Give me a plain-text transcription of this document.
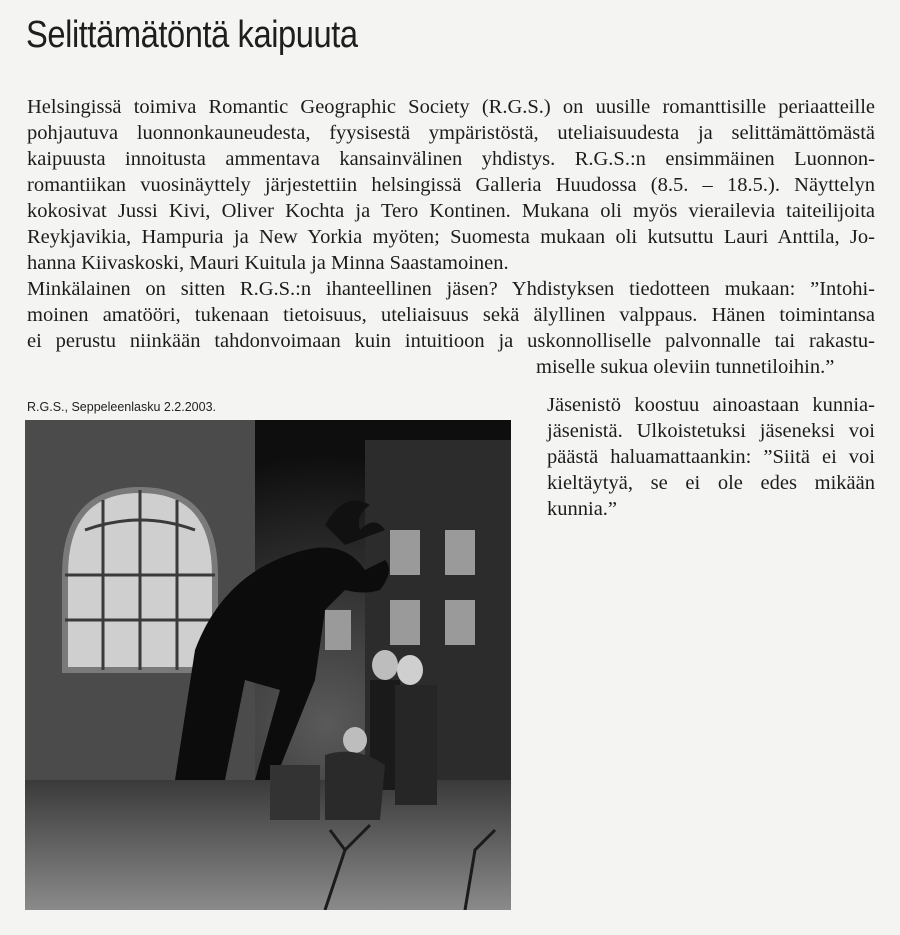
Selittämätöntä kaipuuta
Helsingissä toimiva Romantic Geographic Society (R.G.S.) on uusille romanttisille periaatteille
pohjautuva luonnonkauneudesta, fyysisestä ympäristöstä, uteliaisuudesta ja selittämättömästä
kaipuusta innoitusta ammentava kansainvälinen yhdistys. R.G.S.:n ensimmäinen Luonnon-
romantiikan vuosinäyttely järjestettiin helsingissä Galleria Huudossa (8.5. – 18.5.). Näyttelyn
kokosivat Jussi Kivi, Oliver Kochta ja Tero Kontinen. Mukana oli myös vierailevia taiteilijoita
Reykjavikia, Hampuria ja New Yorkia myöten; Suomesta mukaan oli kutsuttu Lauri Anttila, Jo-
hanna Kiivaskoski, Mauri Kuitula ja Minna Saastamoinen.
Minkälainen on sitten R.G.S.:n ihanteellinen jäsen? Yhdistyksen tiedotteen mukaan: ”Intohi-
moinen amatööri, tukenaan tietoisuus, uteliaisuus sekä älyllinen valppaus. Hänen toimintansa
ei perustu niinkään tahdonvoimaan kuin intuitioon ja uskonnolliselle palvonnalle tai rakastu-
miselle sukua oleviin tunnetiloihin.”
Jäsenistö koostuu ainoastaan kunnia-
jäsenistä. Ulkoistetuksi jäseneksi voi
päästä haluamattaankin: ”Siitä ei voi
kieltäytyä, se ei ole edes mikään
kunnia.”
R.G.S., Seppeleenlasku 2.2.2003.
